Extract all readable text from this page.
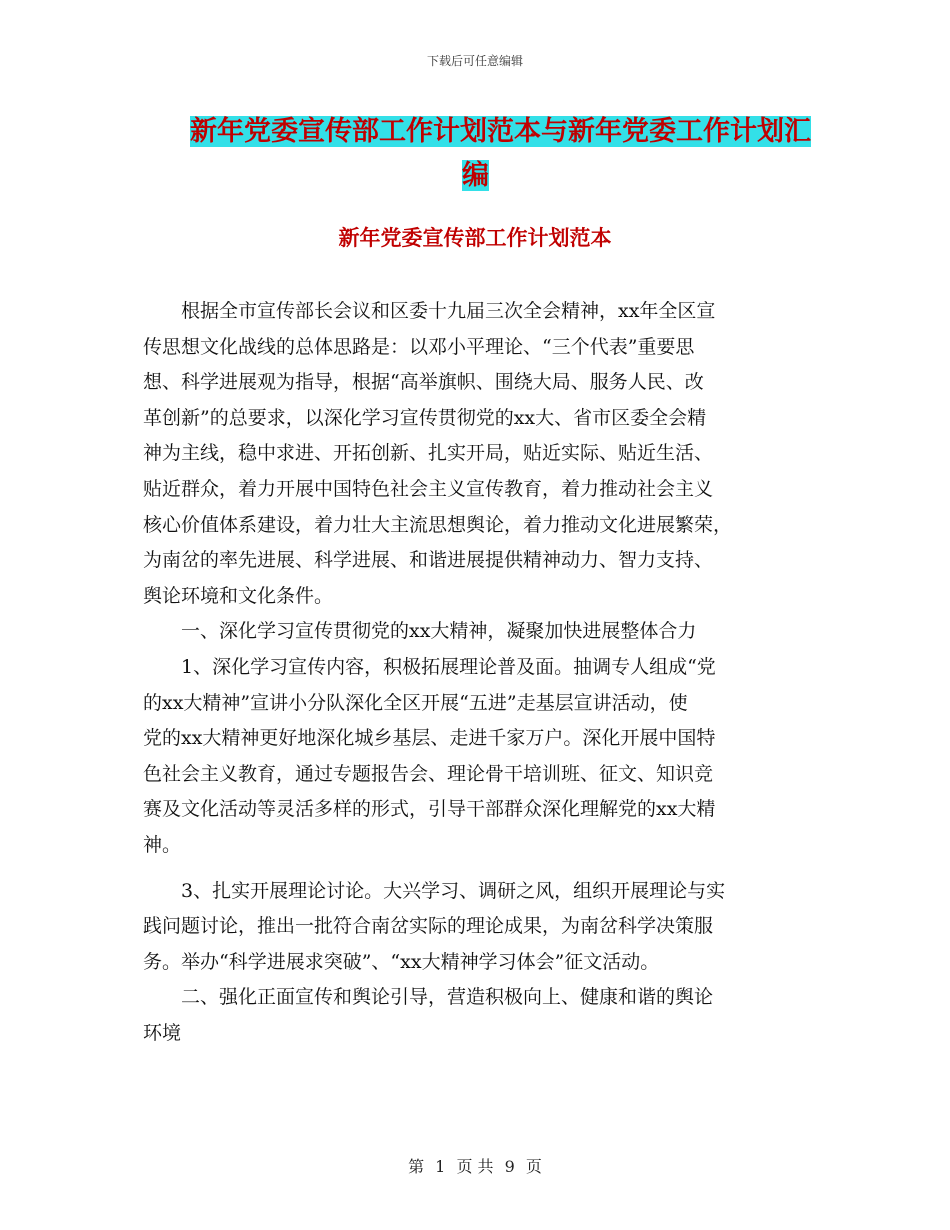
下载后可任意编辑
新年党委宣传部工作计划范本与新年党委工作计划汇
编
新年党委宣传部工作计划范本
　　根据全市宣传部长会议和区委十九届三次全会精神，xx年全区宣
传思想文化战线的总体思路是：以邓小平理论、“三个代表”重要思
想、科学进展观为指导，根据“高举旗帜、围绕大局、服务人民、改
革创新”的总要求，以深化学习宣传贯彻党的xx大、省市区委全会精
神为主线，稳中求进、开拓创新、扎实开局，贴近实际、贴近生活、
贴近群众，着力开展中国特色社会主义宣传教育，着力推动社会主义
核心价值体系建设，着力壮大主流思想舆论，着力推动文化进展繁荣，
为南岔的率先进展、科学进展、和谐进展提供精神动力、智力支持、
舆论环境和文化条件。
　　一、深化学习宣传贯彻党的xx大精神，凝聚加快进展整体合力
　　1、深化学习宣传内容，积极拓展理论普及面。抽调专人组成“党
的xx大精神”宣讲小分队深化全区开展“五进”走基层宣讲活动，使
党的xx大精神更好地深化城乡基层、走进千家万户。深化开展中国特
色社会主义教育，通过专题报告会、理论骨干培训班、征文、知识竞
赛及文化活动等灵活多样的形式，引导干部群众深化理解党的xx大精
神。
　　3、扎实开展理论讨论。大兴学习、调研之风，组织开展理论与实
践问题讨论，推出一批符合南岔实际的理论成果，为南岔科学决策服
务。举办“科学进展求突破”、“xx大精神学习体会”征文活动。
　　二、强化正面宣传和舆论引导，营造积极向上、健康和谐的舆论
环境
第 1 页 共 9 页
